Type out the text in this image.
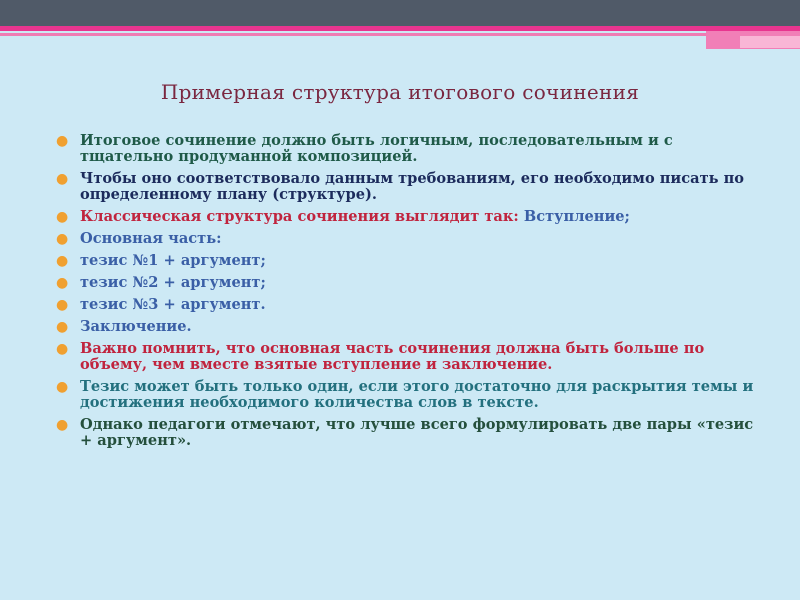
Примерная структура итогового сочинения
● Итоговое сочинение должно быть логичным, последовательным и с тщательно продуманной композицией.
● Чтобы оно соответствовало данным требованиям, его необходимо писать по определенному плану (структуре).
● Классическая структура сочинения выглядит так: Вступление;
● Основная часть:
● тезис №1 + аргумент;
● тезис №2 + аргумент;
● тезис №3 + аргумент.
● Заключение.
● Важно помнить, что основная часть сочинения должна быть больше по объему, чем вместе взятые вступление и заключение.
● Тезис может быть только один, если этого достаточно для раскрытия темы и достижения необходимого количества слов в тексте.
● Однако педагоги отмечают, что лучше всего формулировать две пары «тезис + аргумент».
